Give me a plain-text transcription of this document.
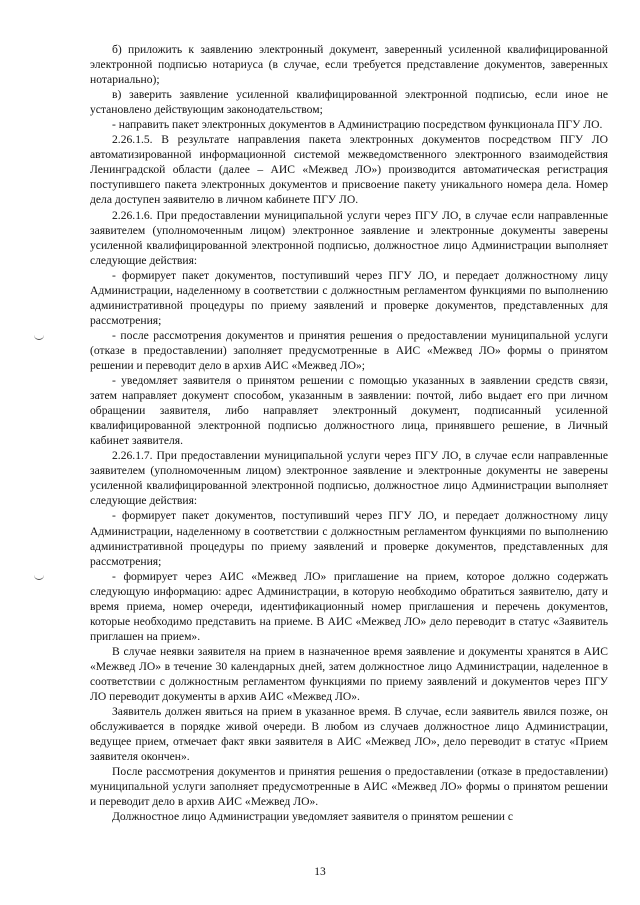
б) приложить к заявлению электронный документ, заверенный усиленной квалифицированной электронной подписью нотариуса (в случае, если требуется представление документов, заверенных нотариально);

в) заверить заявление усиленной квалифицированной электронной подписью, если иное не установлено действующим законодательством;

- направить пакет электронных документов в Администрацию посредством функционала ПГУ ЛО.

2.26.1.5. В результате направления пакета электронных документов посредством ПГУ ЛО автоматизированной информационной системой межведомственного электронного взаимодействия Ленинградской области (далее – АИС «Межвед ЛО») производится автоматическая регистрация поступившего пакета электронных документов и присвоение пакету уникального номера дела. Номер дела доступен заявителю в личном кабинете ПГУ ЛО.

2.26.1.6. При предоставлении муниципальной услуги через ПГУ ЛО, в случае если направленные заявителем (уполномоченным лицом) электронное заявление и электронные документы заверены усиленной квалифицированной электронной подписью, должностное лицо Администрации выполняет следующие действия:

- формирует пакет документов, поступивший через ПГУ ЛО, и передает должностному лицу Администрации, наделенному в соответствии с должностным регламентом функциями по выполнению административной процедуры по приему заявлений и проверке документов, представленных для рассмотрения;

- после рассмотрения документов и принятия решения о предоставлении муниципальной услуги (отказе в предоставлении) заполняет предусмотренные в АИС «Межвед ЛО» формы о принятом решении и переводит дело в архив АИС «Межвед ЛО»;

- уведомляет заявителя о принятом решении с помощью указанных в заявлении средств связи, затем направляет документ способом, указанным в заявлении: почтой, либо выдает его при личном обращении заявителя, либо направляет электронный документ, подписанный усиленной квалифицированной электронной подписью должностного лица, принявшего решение, в Личный кабинет заявителя.

2.26.1.7. При предоставлении муниципальной услуги через ПГУ ЛО, в случае если направленные заявителем (уполномоченным лицом) электронное заявление и электронные документы не заверены усиленной квалифицированной электронной подписью, должностное лицо Администрации выполняет следующие действия:

- формирует пакет документов, поступивший через ПГУ ЛО, и передает должностному лицу Администрации, наделенному в соответствии с должностным регламентом функциями по выполнению административной процедуры по приему заявлений и проверке документов, представленных для рассмотрения;

- формирует через АИС «Межвед ЛО» приглашение на прием, которое должно содержать следующую информацию: адрес Администрации, в которую необходимо обратиться заявителю, дату и время приема, номер очереди, идентификационный номер приглашения и перечень документов, которые необходимо представить на приеме. В АИС «Межвед ЛО» дело переводит в статус «Заявитель приглашен на прием».

В случае неявки заявителя на прием в назначенное время заявление и документы хранятся в АИС «Межвед ЛО» в течение 30 календарных дней, затем должностное лицо Администрации, наделенное в соответствии с должностным регламентом функциями по приему заявлений и документов через ПГУ ЛО переводит документы в архив АИС «Межвед ЛО».

Заявитель должен явиться на прием в указанное время. В случае, если заявитель явился позже, он обслуживается в порядке живой очереди. В любом из случаев должностное лицо Администрации, ведущее прием, отмечает факт явки заявителя в АИС «Межвед ЛО», дело переводит в статус «Прием заявителя окончен».

После рассмотрения документов и принятия решения о предоставлении (отказе в предоставлении) муниципальной услуги заполняет предусмотренные в АИС «Межвед ЛО» формы о принятом решении и переводит дело в архив АИС «Межвед ЛО».

Должностное лицо Администрации уведомляет заявителя о принятом решении с

13
